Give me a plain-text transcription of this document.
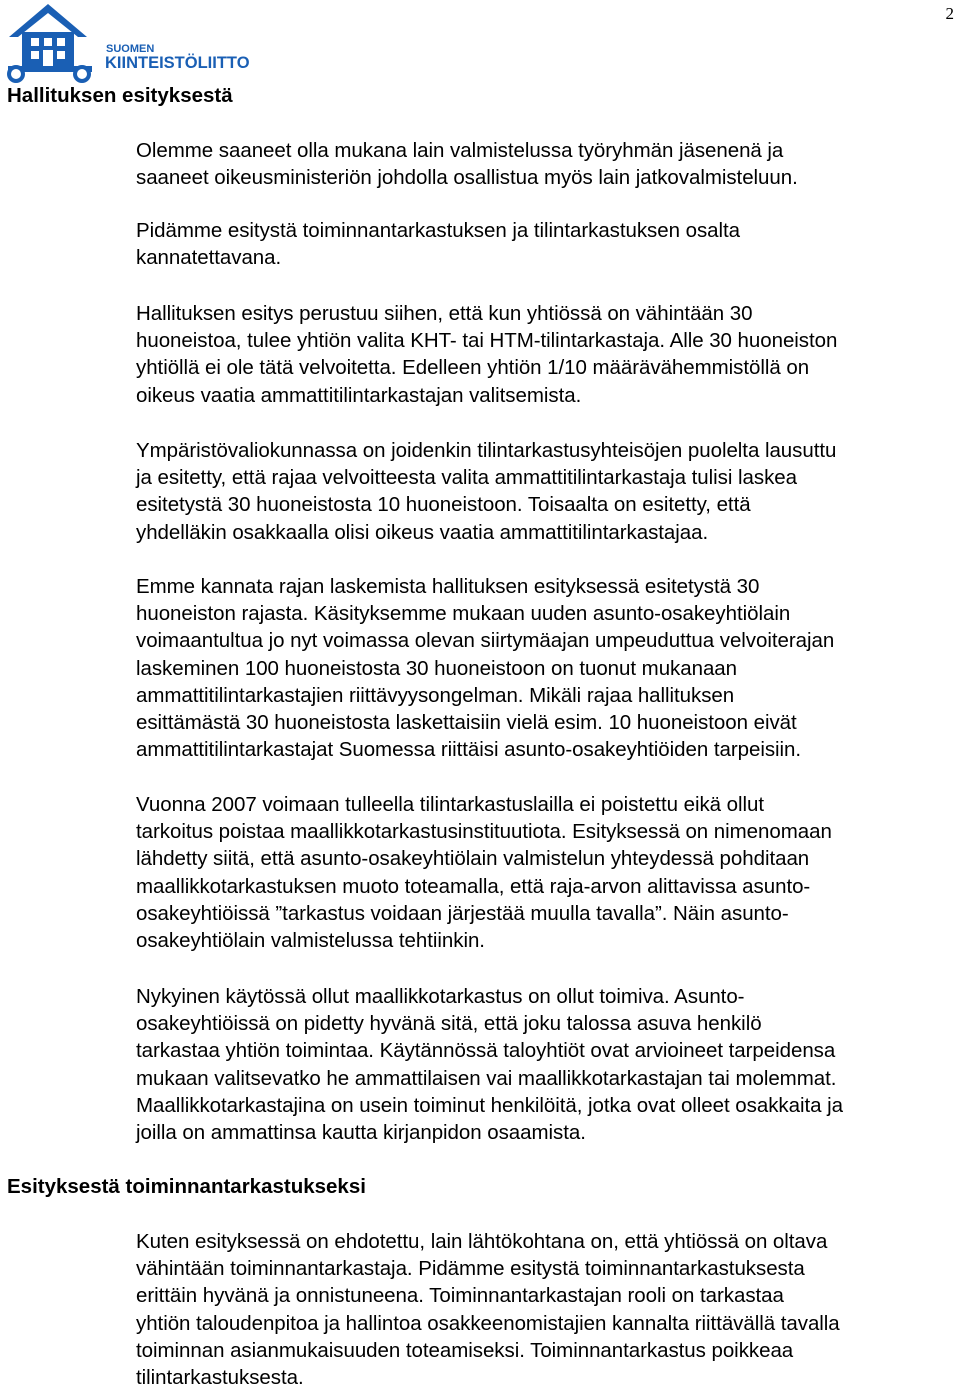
2
SUOMEN
KIINTEISTÖLIITTO
Hallituksen esityksestä

Olemme saaneet olla mukana lain valmistelussa työryhmän jäsenenä ja
saaneet oikeusministeriön johdolla osallistua myös lain jatkovalmisteluun.

Pidämme esitystä toiminnantarkastuksen ja tilintarkastuksen osalta
kannatettavana.

Hallituksen esitys perustuu siihen, että kun yhtiössä on vähintään 30
huoneistoa, tulee yhtiön valita KHT- tai HTM-tilintarkastaja. Alle 30 huoneiston
yhtiöllä ei ole tätä velvoitetta. Edelleen yhtiön 1/10 määrävähemmistöllä on
oikeus vaatia ammattitilintarkastajan valitsemista.

Ympäristövaliokunnassa on joidenkin tilintarkastusyhteisöjen puolelta lausuttu
ja esitetty, että rajaa velvoitteesta valita ammattitilintarkastaja tulisi laskea
esitetystä 30 huoneistosta 10 huoneistoon. Toisaalta on esitetty, että
yhdelläkin osakkaalla olisi oikeus vaatia ammattitilintarkastajaa.

Emme kannata rajan laskemista hallituksen esityksessä esitetystä 30
huoneiston rajasta. Käsityksemme mukaan uuden asunto-osakeyhtiölain
voimaantultua jo nyt voimassa olevan siirtymäajan umpeuduttua velvoiterajan
laskeminen 100 huoneistosta 30 huoneistoon on tuonut mukanaan
ammattitilintarkastajien riittävyysongelman. Mikäli rajaa hallituksen
esittämästä 30 huoneistosta laskettaisiin vielä esim. 10 huoneistoon eivät
ammattitilintarkastajat Suomessa riittäisi asunto-osakeyhtiöiden tarpeisiin.

Vuonna 2007 voimaan tulleella tilintarkastuslailla ei poistettu eikä ollut
tarkoitus poistaa maallikkotarkastusinstituutiota. Esityksessä on nimenomaan
lähdetty siitä, että asunto-osakeyhtiölain valmistelun yhteydessä pohditaan
maallikkotarkastuksen muoto toteamalla, että raja-arvon alittavissa asunto-
osakeyhtiöissä ”tarkastus voidaan järjestää muulla tavalla”. Näin asunto-
osakeyhtiölain valmistelussa tehtiinkin.

Nykyinen käytössä ollut maallikkotarkastus on ollut toimiva. Asunto-
osakeyhtiöissä on pidetty hyvänä sitä, että joku talossa asuva henkilö
tarkastaa yhtiön toimintaa. Käytännössä taloyhtiöt ovat arvioineet tarpeidensa
mukaan valitsevatko he ammattilaisen vai maallikkotarkastajan tai molemmat.
Maallikkotarkastajina on usein toiminut henkilöitä, jotka ovat olleet osakkaita ja
joilla on ammattinsa kautta kirjanpidon osaamista.

Esityksestä toiminnantarkastukseksi

Kuten esityksessä on ehdotettu, lain lähtökohtana on, että yhtiössä on oltava
vähintään toiminnantarkastaja. Pidämme esitystä toiminnantarkastuksesta
erittäin hyvänä ja onnistuneena. Toiminnantarkastajan rooli on tarkastaa
yhtiön taloudenpitoa ja hallintoa osakkeenomistajien kannalta riittävällä tavalla
toiminnan asianmukaisuuden toteamiseksi. Toiminnantarkastus poikkeaa
tilintarkastuksesta.
